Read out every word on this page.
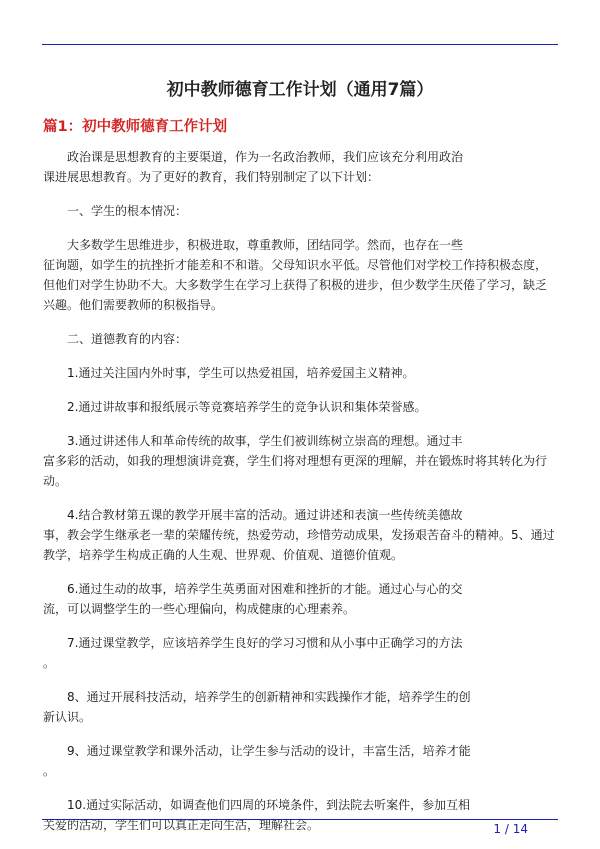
初中教师德育工作计划（通用7篇）
篇1：初中教师德育工作计划

政治课是思想教育的主要渠道，作为一名政治教师，我们应该充分利用政治
课进展思想教育。为了更好的教育，我们特别制定了以下计划：

一、学生的根本情况：

大多数学生思维进步，积极进取，尊重教师，团结同学。然而，也存在一些
征询题，如学生的抗挫折才能差和不和谐。父母知识水平低。尽管他们对学校工作持积极态度，
但他们对学生协助不大。大多数学生在学习上获得了积极的进步，但少数学生厌倦了学习，缺乏
兴趣。他们需要教师的积极指导。

二、道德教育的内容：

1.通过关注国内外时事，学生可以热爱祖国，培养爱国主义精神。

2.通过讲故事和报纸展示等竞赛培养学生的竞争认识和集体荣誉感。

3.通过讲述伟人和革命传统的故事，学生们被训练树立崇高的理想。通过丰
富多彩的活动，如我的理想演讲竞赛，学生们将对理想有更深的理解，并在锻炼时将其转化为行
动。

4.结合教材第五课的教学开展丰富的活动。通过讲述和表演一些传统美德故
事，教会学生继承老一辈的荣耀传统，热爱劳动，珍惜劳动成果，发扬艰苦奋斗的精神。5、通过
教学，培养学生构成正确的人生观、世界观、价值观、道德价值观。

6.通过生动的故事，培养学生英勇面对困难和挫折的才能。通过心与心的交
流，可以调整学生的一些心理偏向，构成健康的心理素养。

7.通过课堂教学，应该培养学生良好的学习习惯和从小事中正确学习的方法
。

8、通过开展科技活动，培养学生的创新精神和实践操作才能，培养学生的创
新认识。

9、通过课堂教学和课外活动，让学生参与活动的设计，丰富生活，培养才能
。

10.通过实际活动，如调查他们四周的环境条件，到法院去听案件，参加互相
关爱的活动，学生们可以真正走向生活，理解社会。	1 / 14
